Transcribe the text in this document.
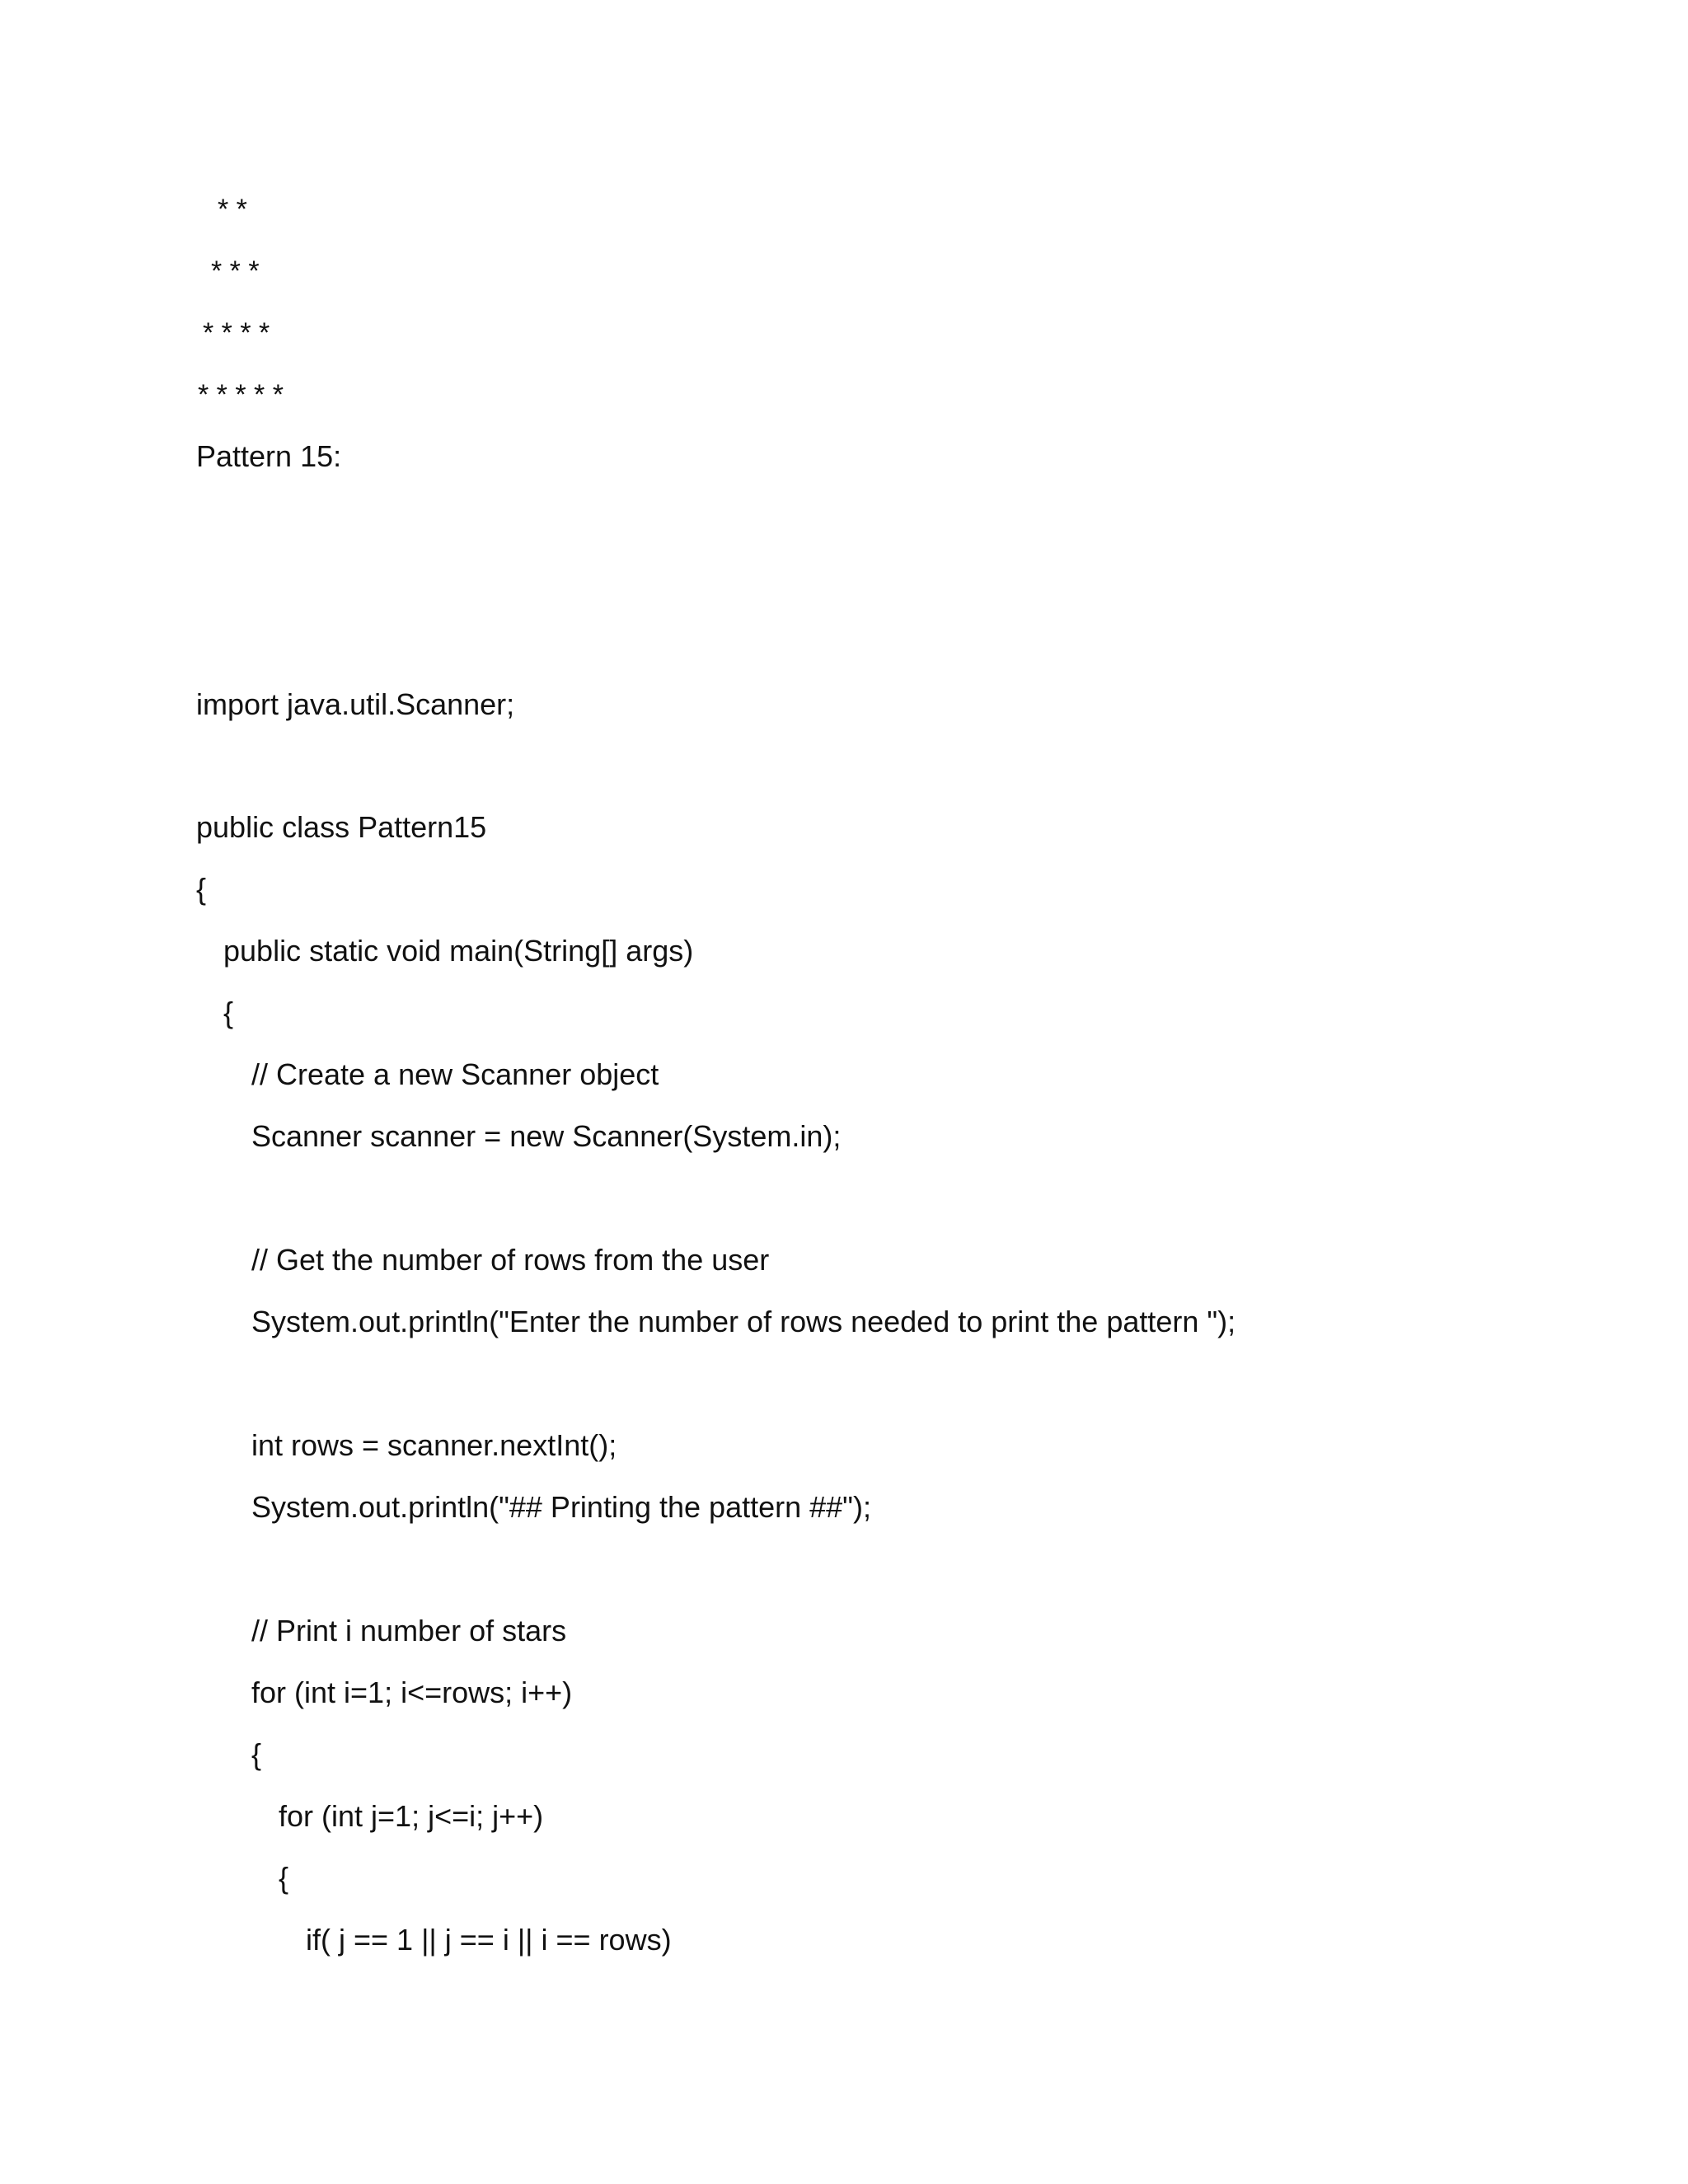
* *
* * *
* * * *
* * * * *
Pattern 15:
import java.util.Scanner;
public class Pattern15
{
public static void main(String[] args)
{
// Create a new Scanner object
Scanner scanner = new Scanner(System.in);
// Get the number of rows from the user
System.out.println("Enter the number of rows needed to print the pattern ");
int rows = scanner.nextInt();
System.out.println("## Printing the pattern ##");
// Print i number of stars
for (int i=1; i<=rows; i++)
{
for (int j=1; j<=i; j++)
{
if( j == 1 || j == i || i == rows)
